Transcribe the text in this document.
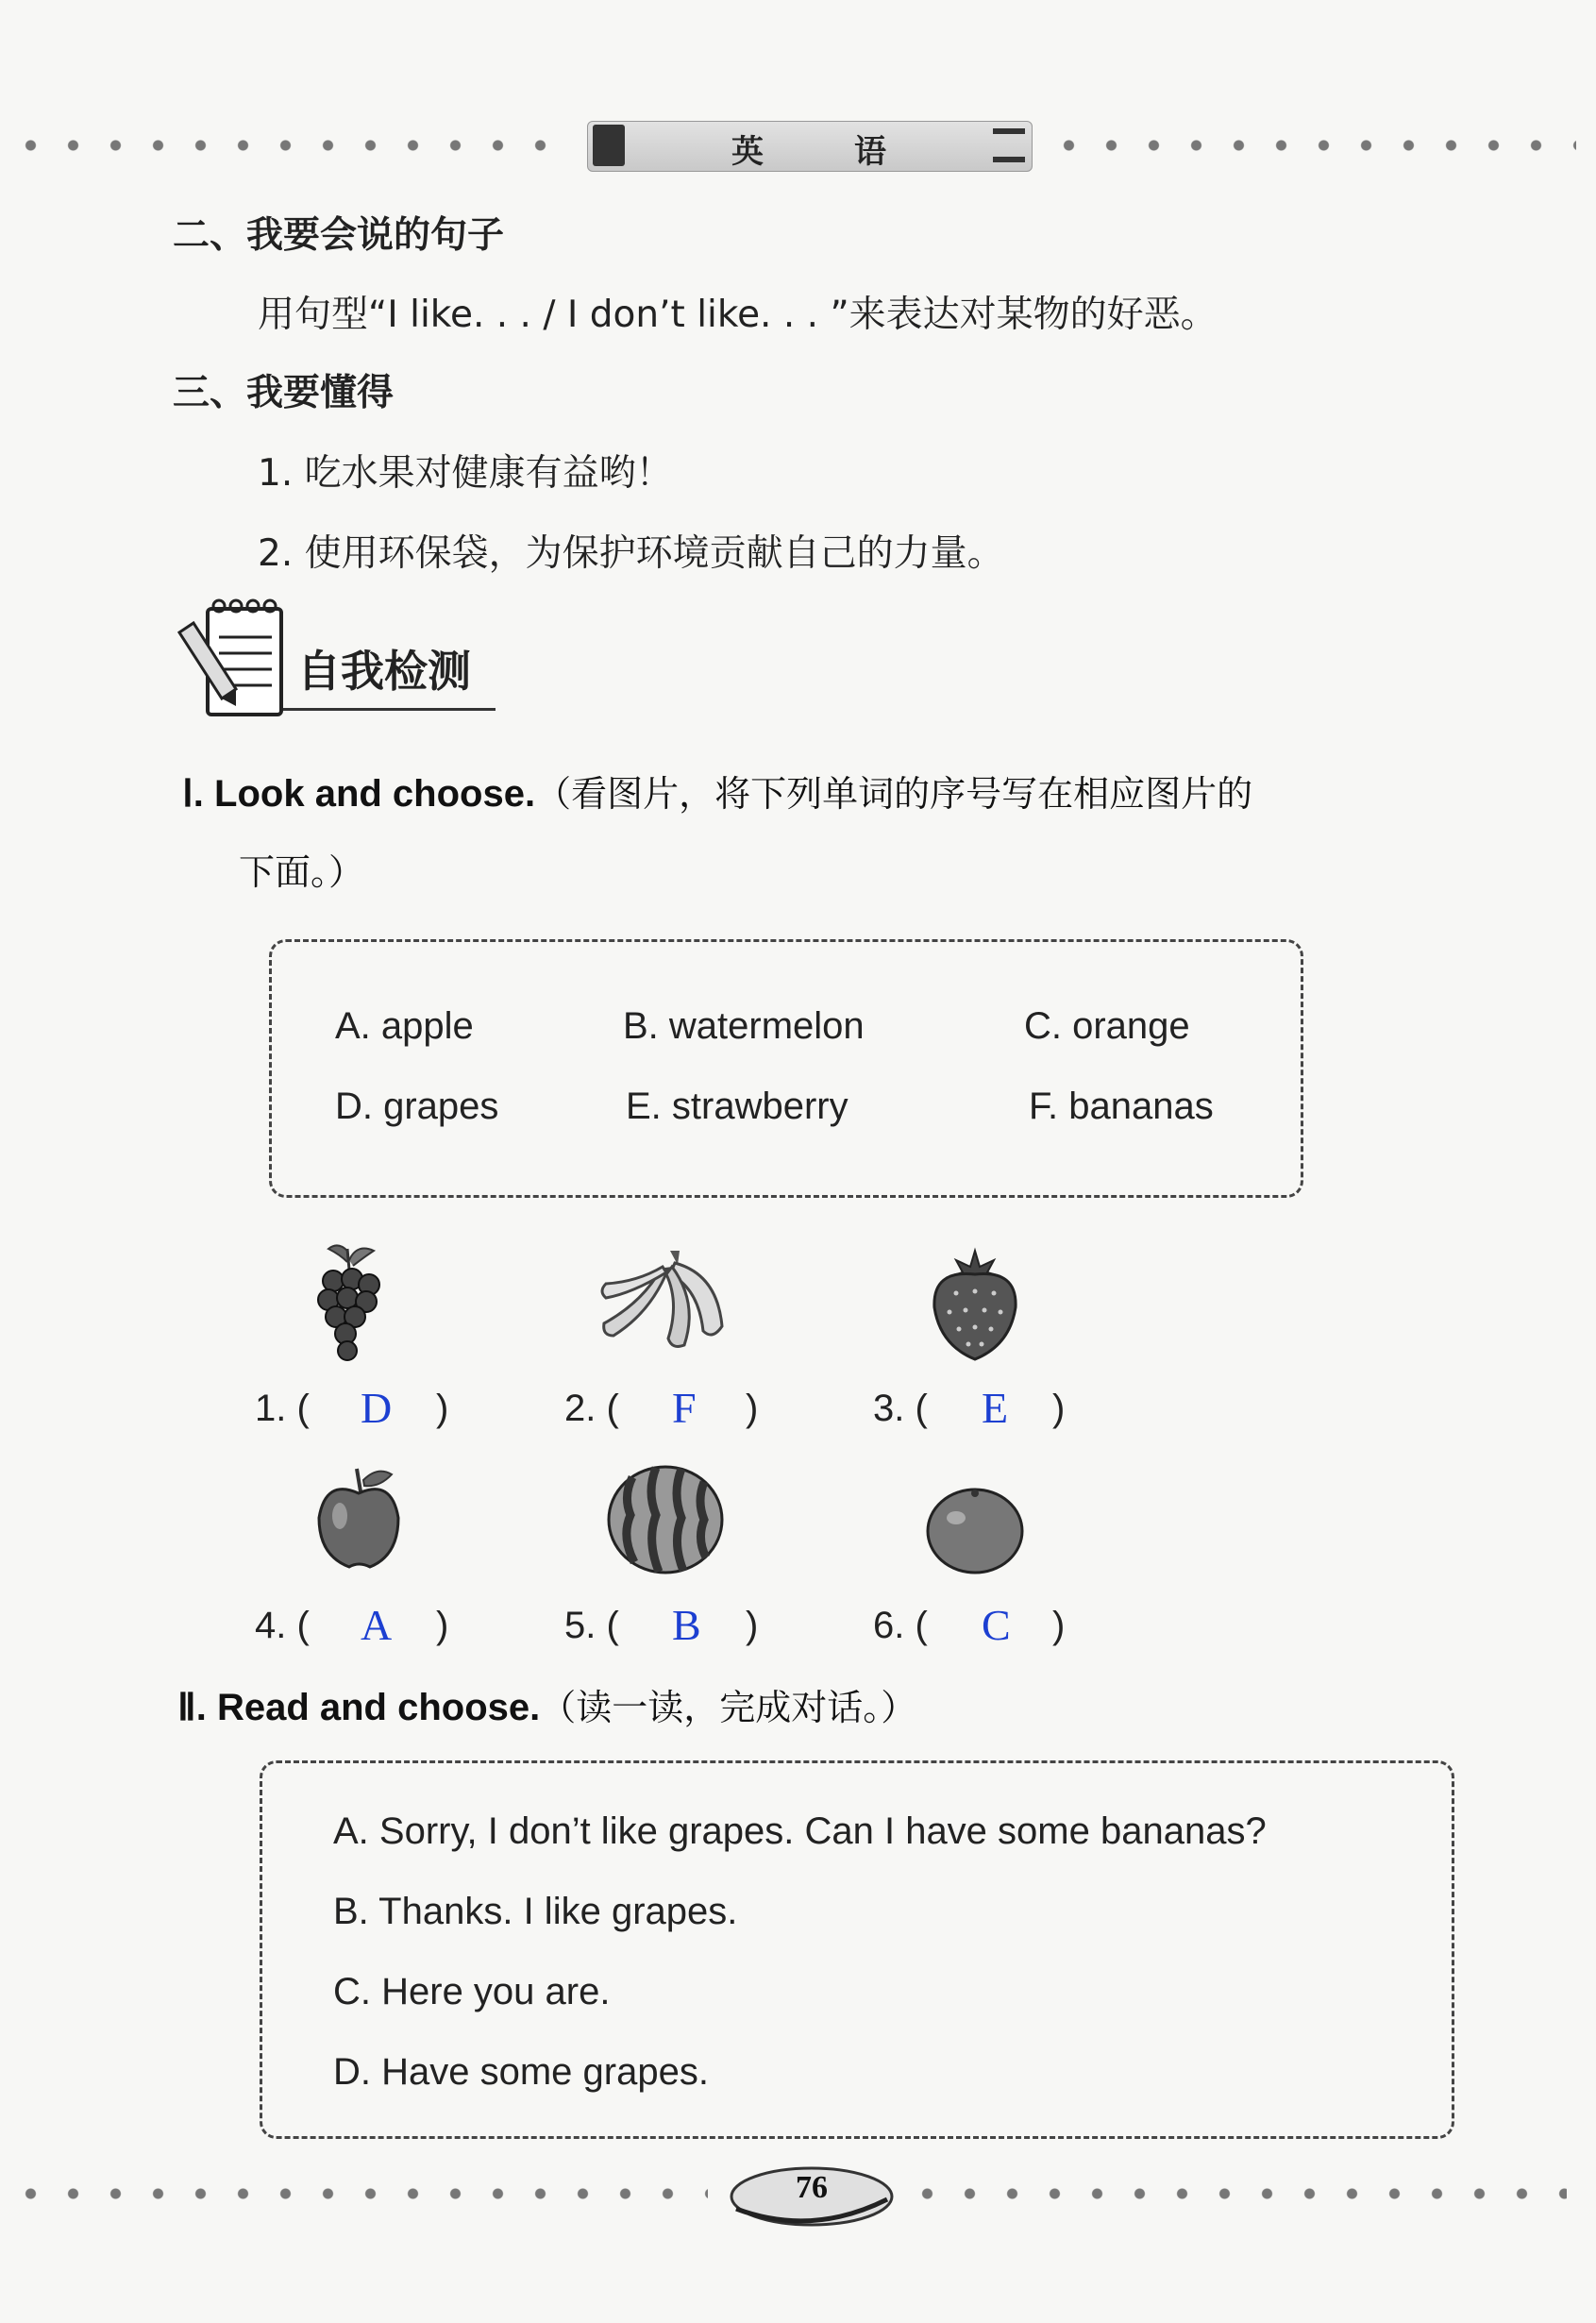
英	语
二、我要会说的句子
用句型“I like. . . / I don’t like. . . ”来表达对某物的好恶。
三、我要懂得
1. 吃水果对健康有益哟！
2. 使用环保袋，为保护环境贡献自己的力量。
自我检测
Ⅰ. Look and choose.（看图片，将下列单词的序号写在相应图片的
下面。）
A. apple	B. watermelon	C. orange
D. grapes	E. strawberry	F. bananas
1. ( D )	2. ( F )	3. ( E )
4. ( A )	5. ( B )	6. ( C )
Ⅱ. Read and choose.（读一读，完成对话。）
A. Sorry, I don’t like grapes. Can I have some bananas?
B. Thanks. I like grapes.
C. Here you are.
D. Have some grapes.
76
